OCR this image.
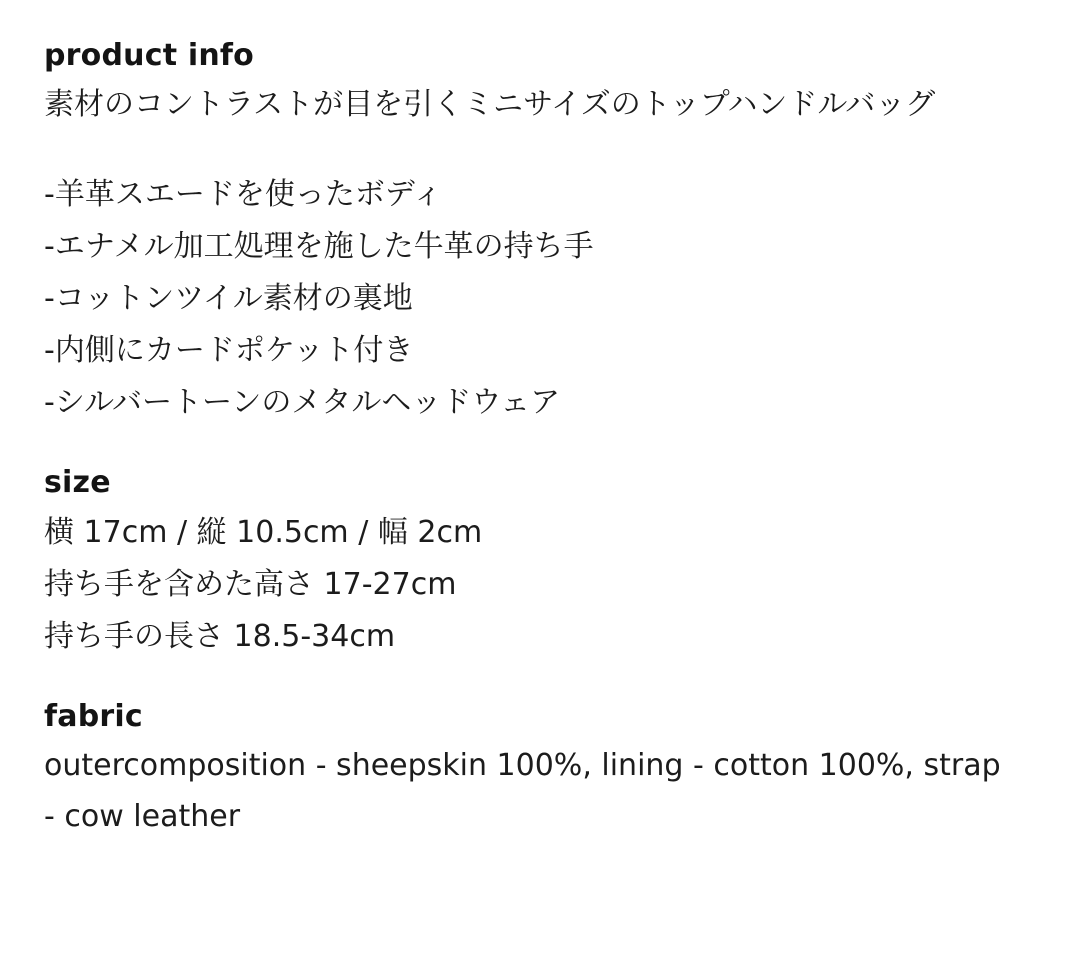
product info

素材のコントラストが目を引くミニサイズのトップハンドルバッグ

-羊革スエードを使ったボディ
-エナメル加工処理を施した牛革の持ち手
-コットンツイル素材の裏地
-内側にカードポケット付き
-シルバートーンのメタルヘッドウェア
size

横 17cm / 縦 10.5cm / 幅 2cm

持ち手を含めた高さ 17-27cm

持ち手の長さ 18.5-34cm

fabric

outercomposition - sheepskin 100%, lining - cotton 100%, strap - cow leather
